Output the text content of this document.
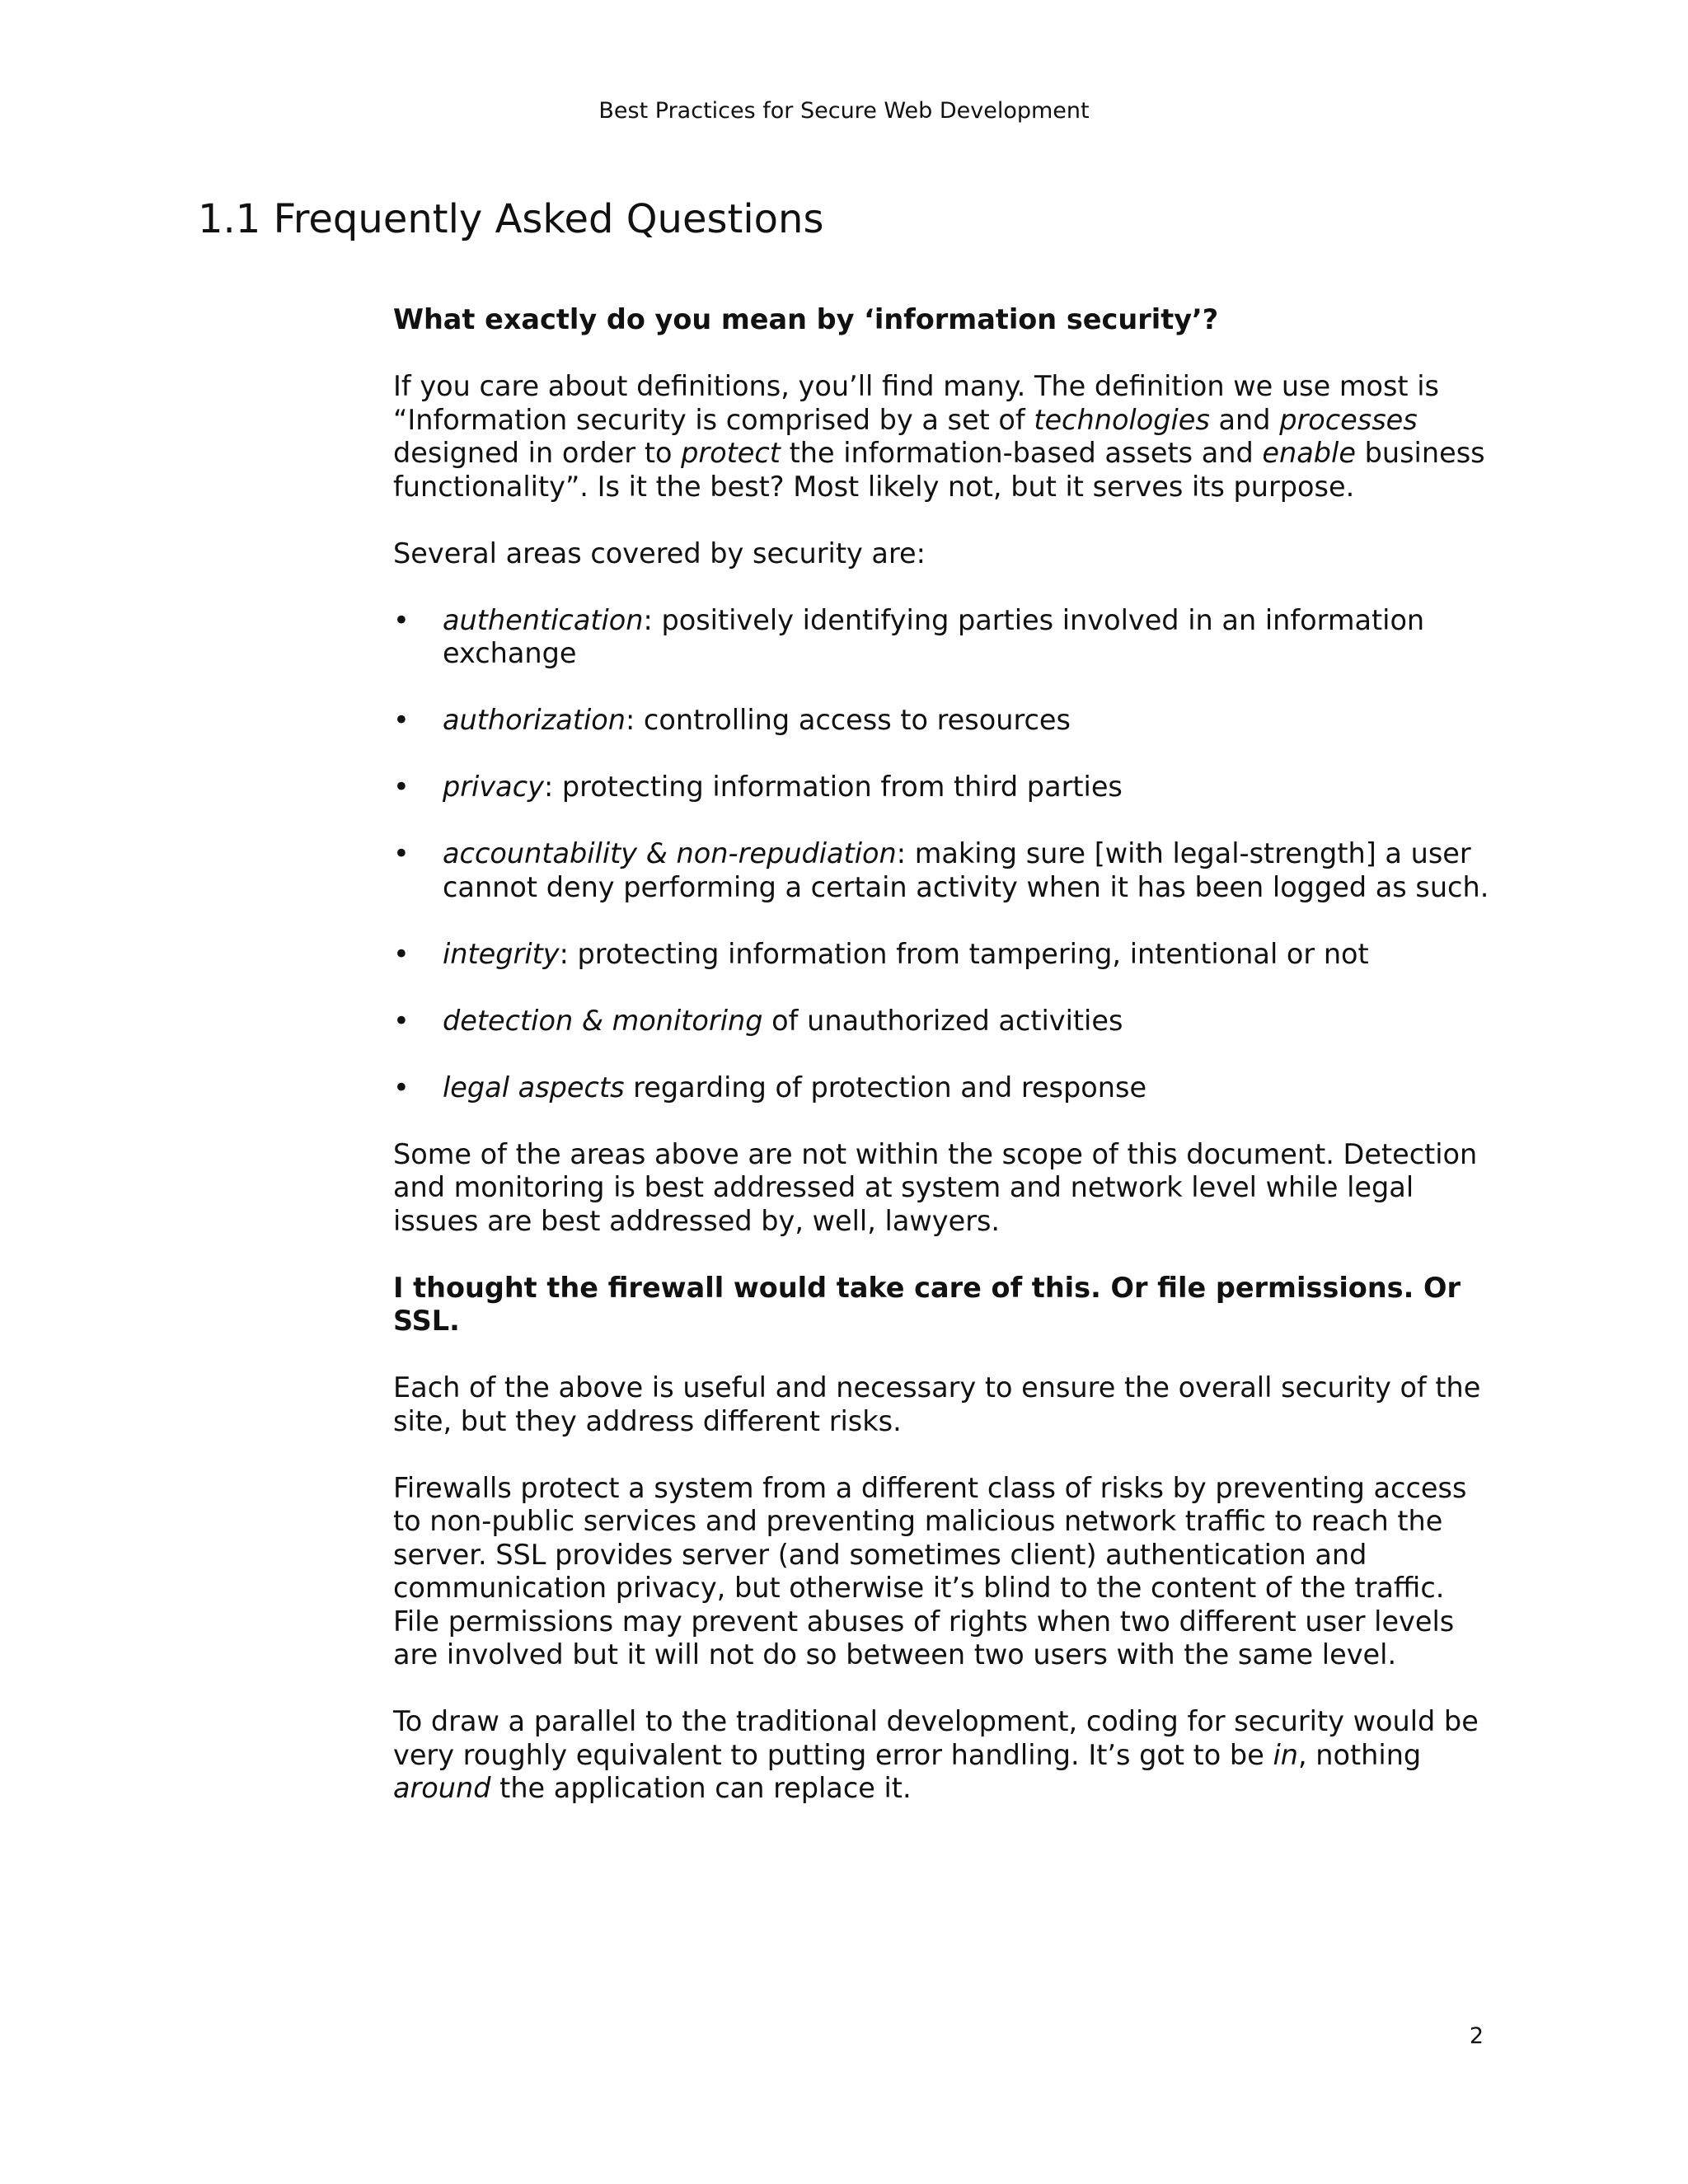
Best Practices for Secure Web Development
1.1 Frequently Asked Questions

What exactly do you mean by ‘information security’?

If you care about definitions, you’ll find many. The definition we use most is “Information security is comprised by a set of technologies and processes designed in order to protect the information-based assets and enable business functionality”. Is it the best? Most likely not, but it serves its purpose.

Several areas covered by security are:

• authentication: positively identifying parties involved in an information exchange
• authorization: controlling access to resources
• privacy: protecting information from third parties
• accountability & non-repudiation: making sure [with legal-strength] a user cannot deny performing a certain activity when it has been logged as such.
• integrity: protecting information from tampering, intentional or not
• detection & monitoring of unauthorized activities
• legal aspects regarding of protection and response

Some of the areas above are not within the scope of this document. Detection and monitoring is best addressed at system and network level while legal issues are best addressed by, well, lawyers.

I thought the firewall would take care of this. Or file permissions. Or SSL.

Each of the above is useful and necessary to ensure the overall security of the site, but they address different risks.

Firewalls protect a system from a different class of risks by preventing access to non-public services and preventing malicious network traffic to reach the server. SSL provides server (and sometimes client) authentication and communication privacy, but otherwise it’s blind to the content of the traffic. File permissions may prevent abuses of rights when two different user levels are involved but it will not do so between two users with the same level.

To draw a parallel to the traditional development, coding for security would be very roughly equivalent to putting error handling. It’s got to be in, nothing around the application can replace it.

2
